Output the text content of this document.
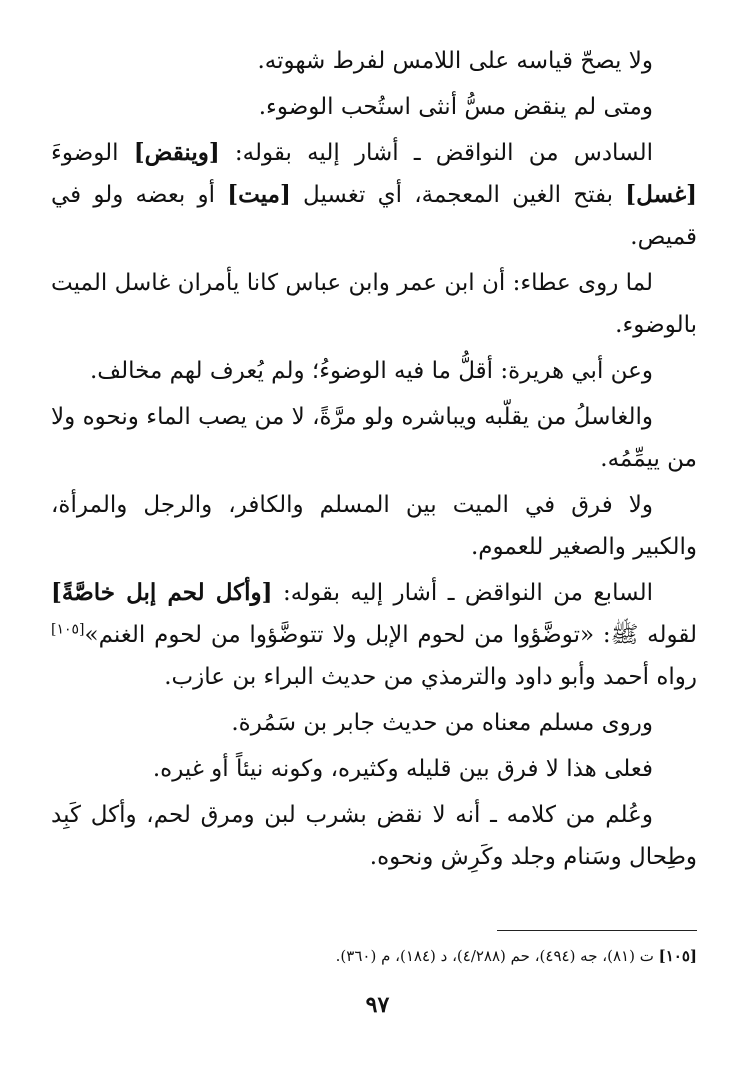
ولا يصحّ قياسه على اللامس لفرط شهوته.

ومتى لم ينقض مسُّ أنثى استُحب الوضوء.

السادس من النواقض ـ أشار إليه بقوله: [وينقض] الوضوءَ [غسل] بفتح الغين المعجمة، أي تغسيل [ميت] أو بعضه ولو في قميص.

لما روى عطاء: أن ابن عمر وابن عباس كانا يأمران غاسل الميت بالوضوء.

وعن أبي هريرة: أقلُّ ما فيه الوضوءُ؛ ولم يُعرف لهم مخالف.

والغاسلُ من يقلّبه ويباشره ولو مرَّةً، لا من يصب الماء ونحوه ولا من ييمِّمُه.

ولا فرق في الميت بين المسلم والكافر، والرجل والمرأة، والكبير والصغير للعموم.

السابع من النواقض ـ أشار إليه بقوله: [وأكل لحم إبل خاصَّةً] لقوله ﷺ: «توضَّؤوا من لحوم الإبل ولا تتوضَّؤوا من لحوم الغنم»[١٠٥] رواه أحمد وأبو داود والترمذي من حديث البراء بن عازب.

وروى مسلم معناه من حديث جابر بن سَمُرة.

فعلى هذا لا فرق بين قليله وكثيره، وكونه نيئاً أو غيره.

وعُلم من كلامه ـ أنه لا نقض بشرب لبن ومرق لحم، وأكل كَبِد وطِحال وسَنام وجلد وكَرِش ونحوه.

[١٠٥] ت (٨١)، جه (٤٩٤)، حم (٤/٢٨٨)، د (١٨٤)، م (٣٦٠).
٩٧
